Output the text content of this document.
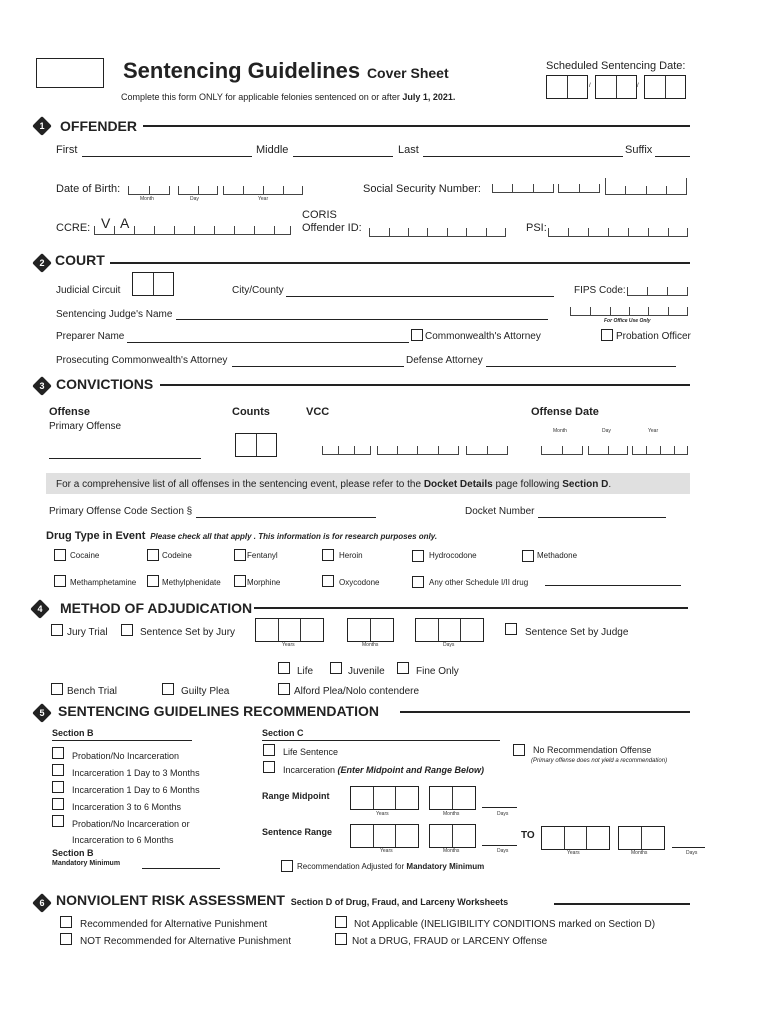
Sentencing Guidelines Cover Sheet
Complete this form ONLY for applicable felonies sentenced on or after July 1, 2021.
Scheduled Sentencing Date:
/	/
1	OFFENDER
First	Middle	Last	Suffix
Date of Birth:
Month	Day	Year
Social Security Number:
CCRE: V A	CORIS
Offender ID:	PSI:
2 COURT
Judicial Circuit	City/County	FIPS Code:
Sentencing Judge's Name
For Office Use Only
Preparer Name	Commonwealth's Attorney	Probation Officer
Prosecuting Commonwealth's Attorney	Defense Attorney
3 CONVICTIONS
Offense	Counts	VCC	Offense Date
Primary Offense	Month	Day	Year
For a comprehensive list of all offenses in the sentencing event, please refer to the Docket Details page following Section D.
Primary Offense Code Section §	Docket Number
Drug Type in Event Please check all that apply . This information is for research purposes only.
Cocaine	Codeine	Fentanyl	Heroin	Hydrocodone	Methadone
Methamphetamine	Methylphenidate	Morphine	Oxycodone	Any other Schedule I/II drug
4	METHOD OF ADJUDICATION
Jury Trial	Sentence Set by Jury
Years	Months	Days
Sentence Set by Judge
Life	Juvenile	Fine Only
Bench Trial	Guilty Plea	Alford Plea/Nolo contendere
5 SENTENCING GUIDELINES RECOMMENDATION
Section B
Probation/No Incarceration
Incarceration 1 Day to 3 Months
Incarceration 1 Day to 6 Months
Incarceration 3 to 6 Months
Probation/No Incarceration or
Incarceration to 6 Months
Section B
Mandatory Minimum
Section C
Life Sentence
Incarceration (Enter Midpoint and Range Below)
No Recommendation Offense
(Primary offense does not yield a recommendation)
Range Midpoint
Years	Months	Days
Sentence Range
Years	Months	Days
TO
Years	Months	Days
Recommendation Adjusted for Mandatory Minimum
6 NONVIOLENT RISK ASSESSMENT Section D of Drug, Fraud, and Larceny Worksheets
Recommended for Alternative Punishment
NOT Recommended for Alternative Punishment
Not Applicable (INELIGIBILITY CONDITIONS marked on Section D)
Not a DRUG, FRAUD or LARCENY Offense
